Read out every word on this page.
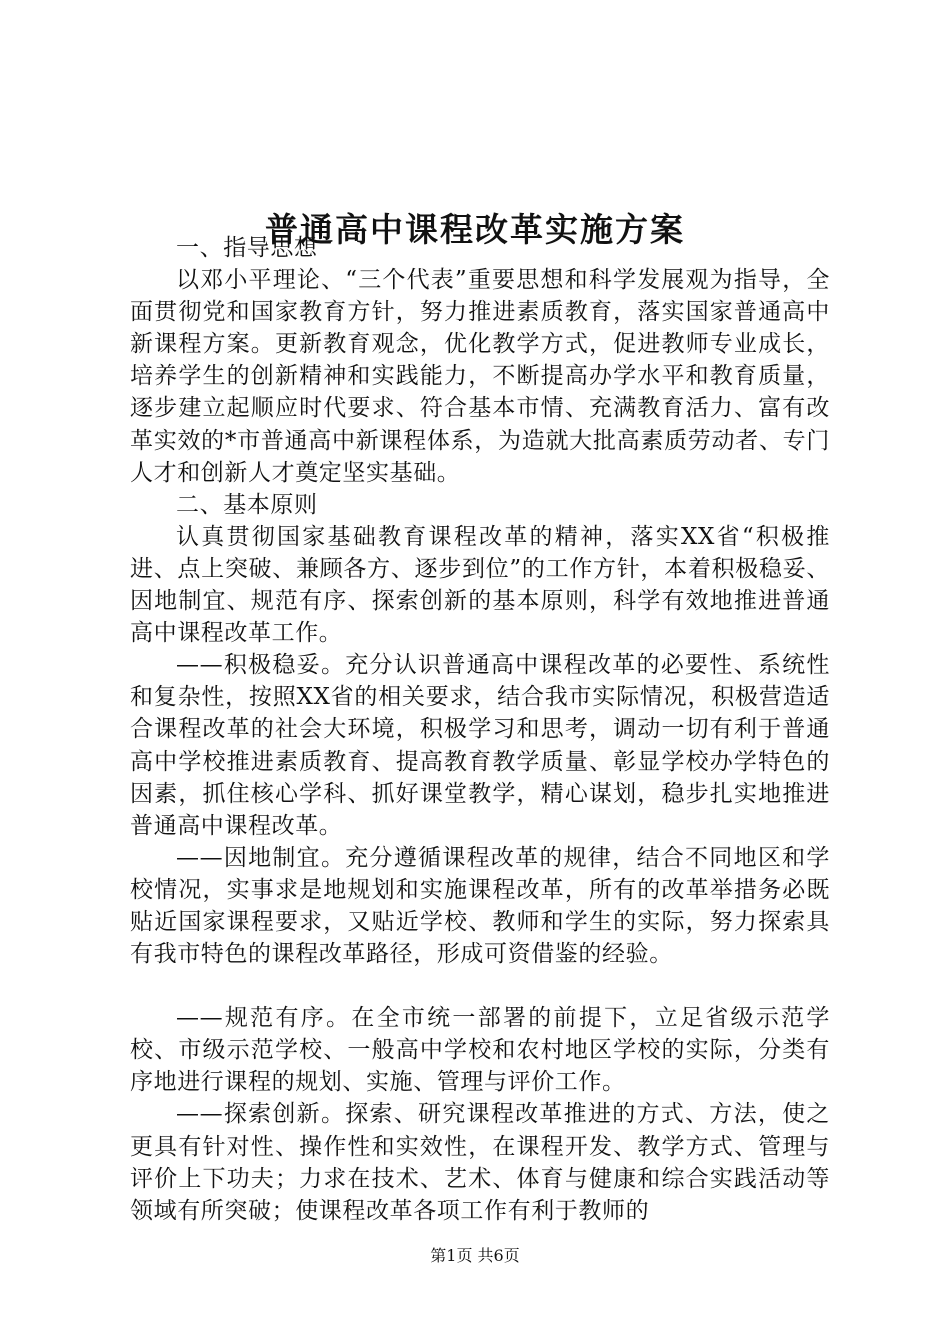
普通高中课程改革实施方案

一、指导思想

以邓小平理论、“三个代表”重要思想和科学发展观为指导，全面贯彻党和国家教育方针，努力推进素质教育，落实国家普通高中新课程方案。更新教育观念，优化教学方式，促进教师专业成长，培养学生的创新精神和实践能力，不断提高办学水平和教育质量，逐步建立起顺应时代要求、符合基本市情、充满教育活力、富有改革实效的*市普通高中新课程体系，为造就大批高素质劳动者、专门人才和创新人才奠定坚实基础。

二、基本原则

认真贯彻国家基础教育课程改革的精神，落实XX省“积极推进、点上突破、兼顾各方、逐步到位”的工作方针，本着积极稳妥、因地制宜、规范有序、探索创新的基本原则，科学有效地推进普通高中课程改革工作。

——积极稳妥。充分认识普通高中课程改革的必要性、系统性和复杂性，按照XX省的相关要求，结合我市实际情况，积极营造适合课程改革的社会大环境，积极学习和思考，调动一切有利于普通高中学校推进素质教育、提高教育教学质量、彰显学校办学特色的因素，抓住核心学科、抓好课堂教学，精心谋划，稳步扎实地推进普通高中课程改革。

——因地制宜。充分遵循课程改革的规律，结合不同地区和学校情况，实事求是地规划和实施课程改革，所有的改革举措务必既贴近国家课程要求，又贴近学校、教师和学生的实际，努力探索具有我市特色的课程改革路径，形成可资借鉴的经验。

——规范有序。在全市统一部署的前提下，立足省级示范学校、市级示范学校、一般高中学校和农村地区学校的实际，分类有序地进行课程的规划、实施、管理与评价工作。

——探索创新。探索、研究课程改革推进的方式、方法，使之更具有针对性、操作性和实效性，在课程开发、教学方式、管理与评价上下功夫；力求在技术、艺术、体育与健康和综合实践活动等领域有所突破；使课程改革各项工作有利于教师的

第1页 共6页
